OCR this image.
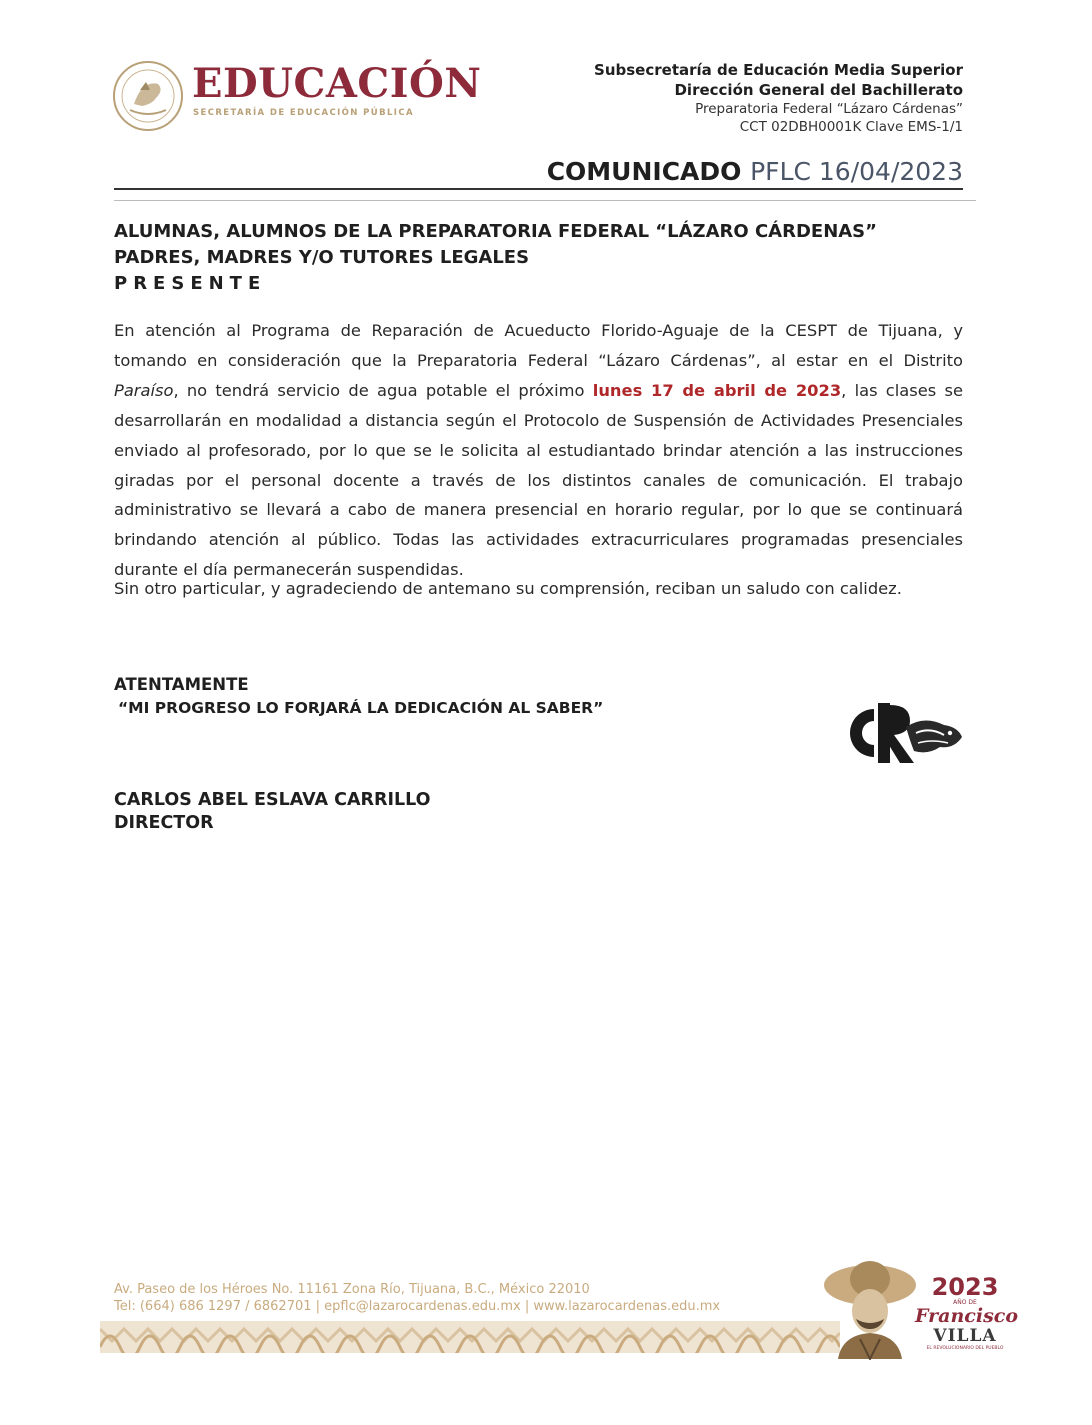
EDUCACIÓN
SECRETARÍA DE EDUCACIÓN PÚBLICA
Subsecretaría de Educación Media Superior
Dirección General del Bachillerato
Preparatoria Federal “Lázaro Cárdenas”
CCT 02DBH0001K Clave EMS-1/1
COMUNICADO PFLC 16/04/2023
ALUMNAS, ALUMNOS DE LA PREPARATORIA FEDERAL “LÁZARO CÁRDENAS”
PADRES, MADRES Y/O TUTORES LEGALES
PRESENTE
En atención al Programa de Reparación de Acueducto Florido-Aguaje de la CESPT de Tijuana, y tomando en consideración que la Preparatoria Federal “Lázaro Cárdenas”, al estar en el Distrito Paraíso, no tendrá servicio de agua potable el próximo lunes 17 de abril de 2023, las clases se desarrollarán en modalidad a distancia según el Protocolo de Suspensión de Actividades Presenciales enviado al profesorado, por lo que se le solicita al estudiantado brindar atención a las instrucciones giradas por el personal docente a través de los distintos canales de comunicación. El trabajo administrativo se llevará a cabo de manera presencial en horario regular, por lo que se continuará brindando atención al público. Todas las actividades extracurriculares programadas presenciales durante el día permanecerán suspendidas.
Sin otro particular, y agradeciendo de antemano su comprensión, reciban un saludo con calidez.
ATENTAMENTE
“MI PROGRESO LO FORJARÁ LA DEDICACIÓN AL SABER”
CARLOS ABEL ESLAVA CARRILLO
DIRECTOR
Av. Paseo de los Héroes No. 11161 Zona Río, Tijuana, B.C., México 22010
Tel: (664) 686 1297 / 6862701 | epflc@lazarocardenas.edu.mx | www.lazarocardenas.edu.mx
2023
AÑO DE
Francisco
VILLA
EL REVOLUCIONARIO DEL PUEBLO
